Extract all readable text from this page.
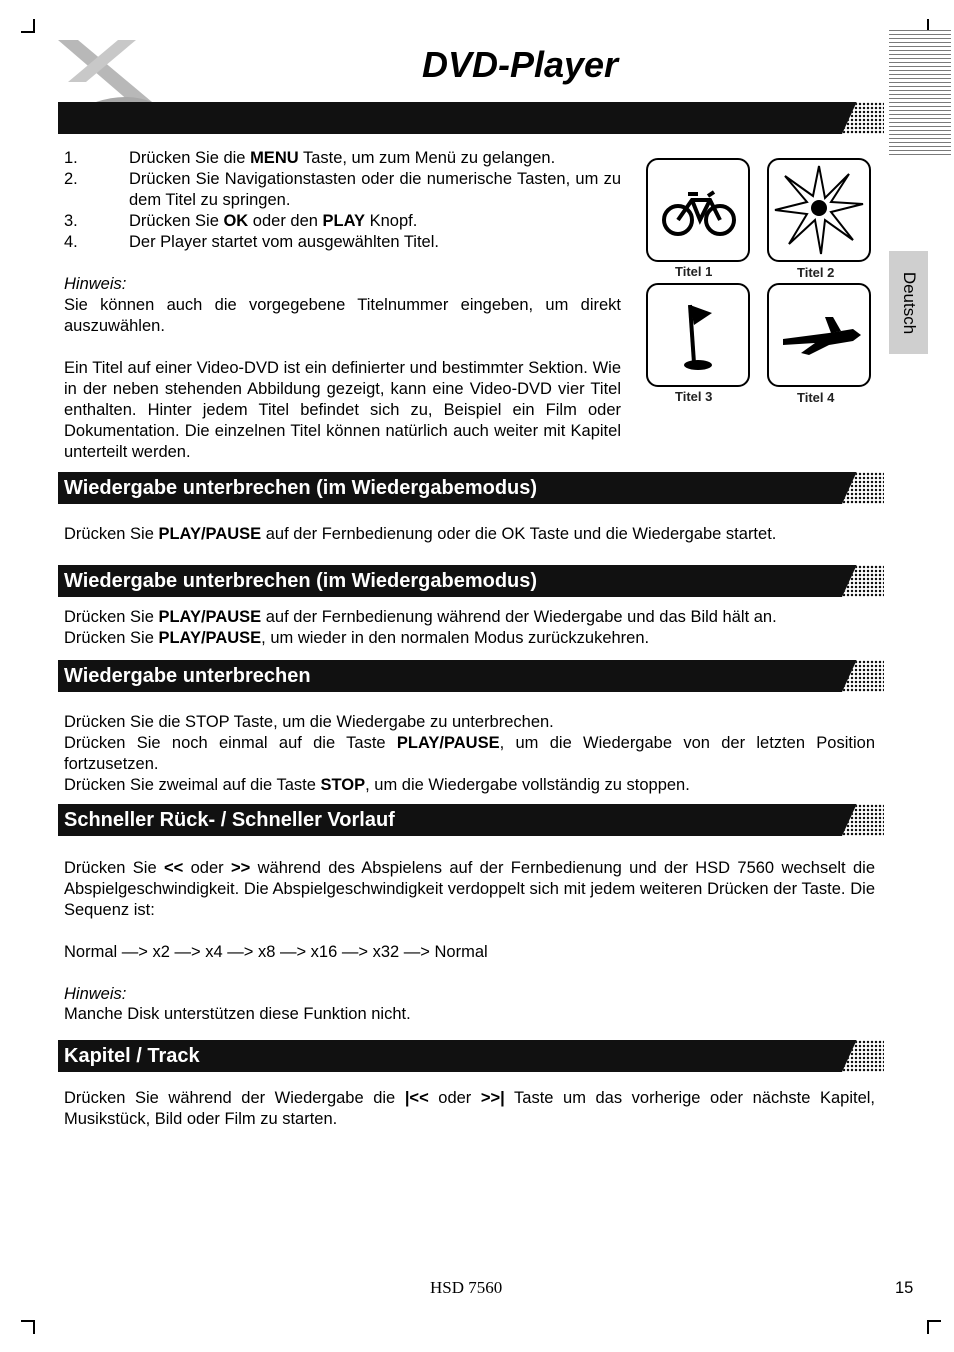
DVD-Player
Deutsch
1.	Drücken Sie die MENU Taste, um zum Menü zu gelangen.
2.	Drücken Sie Navigationstasten oder die numerische Tasten, um zu dem Titel zu springen.
3.	Drücken Sie OK oder den PLAY Knopf.
4.	Der Player startet vom ausgewählten Titel.
Hinweis:
Sie können auch die vorgegebene Titelnummer eingeben, um direkt auszuwählen.
Ein Titel auf einer Video-DVD ist ein definierter und bestimmter Sektion. Wie in der neben stehenden Abbildung gezeigt, kann eine Video-DVD vier Titel enthalten. Hinter jedem Titel befindet sich zu, Beispiel ein Film oder Dokumentation. Die einzelnen Titel können natürlich auch weiter mit Kapitel unterteilt werden.
Titel 1	Titel 2
Titel 3	Titel 4
Wiedergabe unterbrechen (im Wiedergabemodus)
Drücken Sie PLAY/PAUSE auf der Fernbedienung oder die OK Taste und die Wiedergabe startet.
Wiedergabe unterbrechen (im Wiedergabemodus)
Drücken Sie PLAY/PAUSE auf der Fernbedienung während der Wiedergabe und das Bild hält an.
Drücken Sie PLAY/PAUSE, um wieder in den normalen Modus zurückzukehren.
Wiedergabe unterbrechen
Drücken Sie die STOP Taste, um die Wiedergabe zu unterbrechen.
Drücken Sie noch einmal auf die Taste PLAY/PAUSE, um die Wiedergabe von der letzten Position fortzusetzen.
Drücken Sie zweimal auf die Taste STOP, um die Wiedergabe vollständig zu stoppen.
Schneller Rück- / Schneller Vorlauf
Drücken Sie << oder >> während des Abspielens auf der Fernbedienung und der HSD 7560 wechselt die Abspielgeschwindigkeit. Die Abspielgeschwindigkeit verdoppelt sich mit jedem weiteren Drücken der Taste. Die Sequenz ist:
Normal —> x2 —> x4 —> x8 —> x16 —> x32 —> Normal
Hinweis:
Manche Disk unterstützen diese Funktion nicht.
Kapitel / Track
Drücken Sie während der Wiedergabe die |<< oder >>| Taste um das vorherige oder nächste Kapitel, Musikstück, Bild oder Film zu starten.
HSD 7560	15
